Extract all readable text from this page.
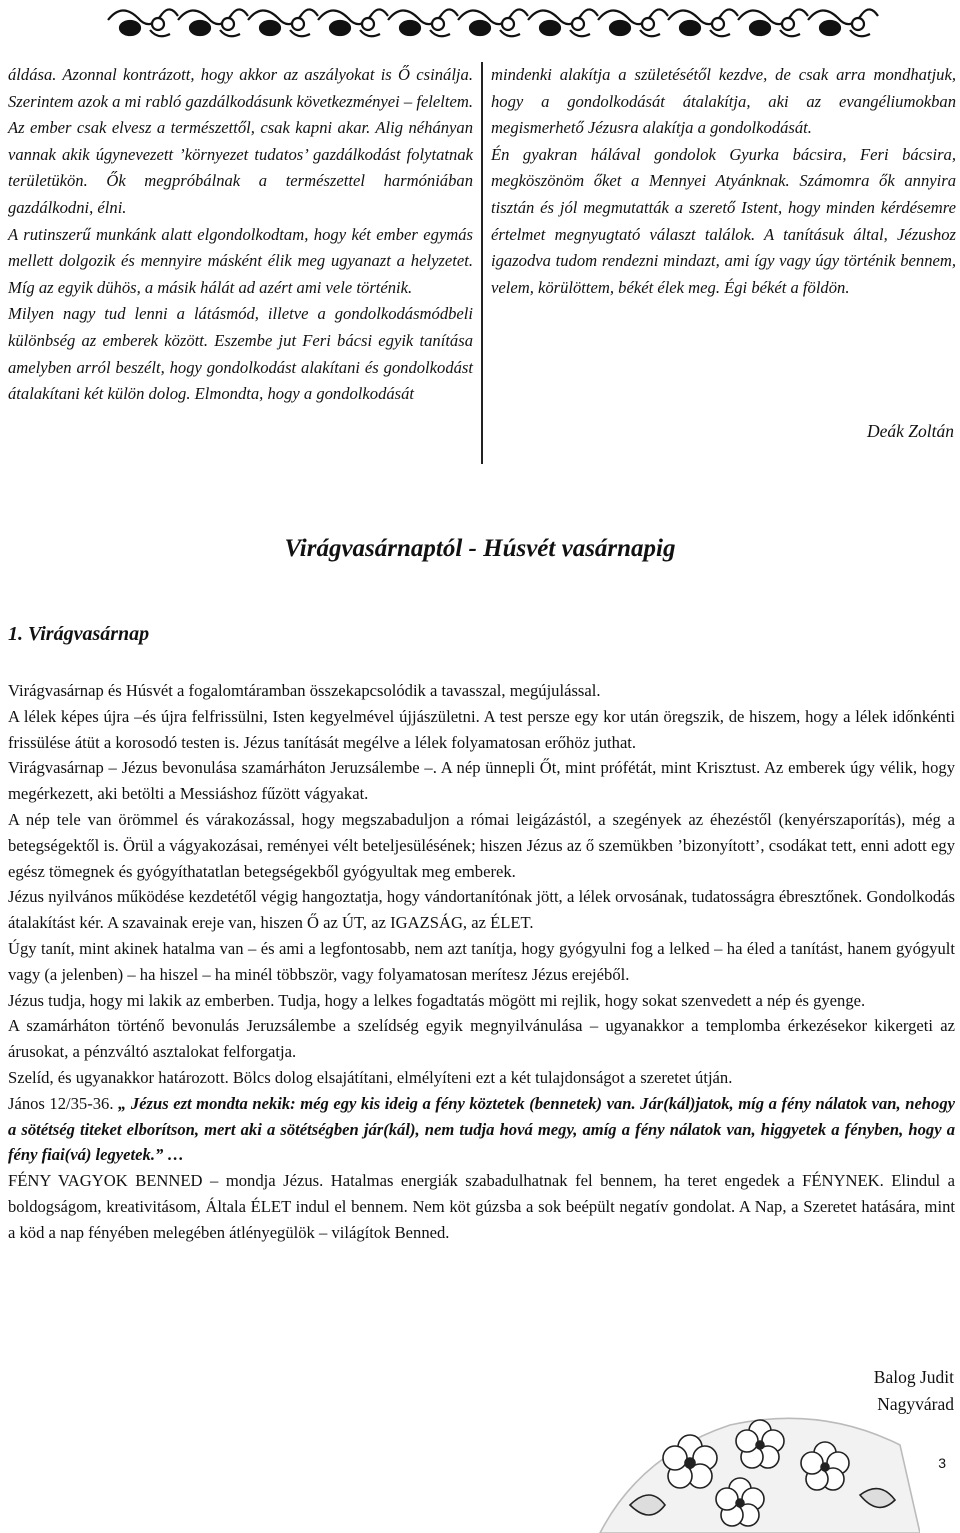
áldása. Azonnal kontrázott, hogy akkor az aszályokat is Ő csinálja. Szerintem azok a mi rabló gazdálkodásunk következményei – feleltem. Az ember csak elvesz a természettől, csak kapni akar. Alig néhányan vannak akik úgynevezett ’környezet tudatos’ gazdálkodást folytatnak területükön. Ők megpróbálnak a természettel harmóniában gazdálkodni, élni.

A rutinszerű munkánk alatt elgondolkodtam, hogy két ember egymás mellett dolgozik és mennyire másként élik meg ugyanazt a helyzetet. Míg az egyik dühös, a másik hálát ad azért ami vele történik.

Milyen nagy tud lenni a látásmód, illetve a gondolkodásmódbeli különbség az emberek között. Eszembe jut Feri bácsi egyik tanítása amelyben arról beszélt, hogy gondolkodást alakítani és gondolkodást átalakítani két külön dolog. Elmondta, hogy a gondolkodását

mindenki alakítja a születésétől kezdve, de csak arra mondhatjuk, hogy a gondolkodását átalakítja, aki az evangéliumokban megismerhető Jézusra alakítja a gondolkodását.

Én gyakran hálával gondolok Gyurka bácsira, Feri bácsira, megköszönöm őket a Mennyei Atyánknak. Számomra ők annyira tisztán és jól megmutatták a szerető Istent, hogy minden kérdésemre értelmet megnyugtató választ találok. A tanításuk által, Jézushoz igazodva tudom rendezni mindazt, ami így vagy úgy történik bennem, velem, körülöttem, békét élek meg. Égi békét a földön.

Deák Zoltán
Virágvasárnaptól - Húsvét vasárnapig
1. Virágvasárnap

Virágvasárnap és Húsvét a fogalomtáramban összekapcsolódik a tavasszal, megújulással.

A lélek képes újra –és újra felfrissülni, Isten kegyelmével újjászületni. A test persze egy kor után öregszik, de hiszem, hogy a lélek időnkénti frissülése átüt a korosodó testen is. Jézus tanítását megélve a lélek folyamatosan erőhöz juthat.

Virágvasárnap – Jézus bevonulása szamárháton Jeruzsálembe –. A nép ünnepli Őt, mint prófétát, mint Krisztust. Az emberek úgy vélik, hogy megérkezett, aki betölti a Messiáshoz fűzött vágyakat.

A nép tele van örömmel és várakozással, hogy megszabaduljon a római leigázástól, a szegények az éhezéstől (kenyérszaporítás), még a betegségektől is. Örül a vágyakozásai, reményei vélt beteljesülésének; hiszen Jézus az ő szemükben ’bizonyított’, csodákat tett, enni adott egy egész tömegnek és gyógyíthatatlan betegségekből gyógyultak meg emberek.

Jézus nyilvános működése kezdetétől végig hangoztatja, hogy vándortanítónak jött, a lélek orvosának, tudatosságra ébresztőnek. Gondolkodás átalakítást kér. A szavainak ereje van, hiszen Ő az ÚT, az IGAZSÁG, az ÉLET.

Úgy tanít, mint akinek hatalma van – és ami a legfontosabb, nem azt tanítja, hogy gyógyulni fog a lelked – ha éled a tanítást, hanem gyógyult vagy (a jelenben) – ha hiszel – ha minél többször, vagy folyamatosan merítesz Jézus erejéből.

Jézus tudja, hogy mi lakik az emberben. Tudja, hogy a lelkes fogadtatás mögött mi rejlik, hogy sokat szenvedett a nép és gyenge.

A szamárháton történő bevonulás Jeruzsálembe a szelídség egyik megnyilvánulása – ugyanakkor a templomba érkezésekor kikergeti az árusokat, a pénzváltó asztalokat felforgatja.

Szelíd, és ugyanakkor határozott. Bölcs dolog elsajátítani, elmélyíteni ezt a két tulajdonságot a szeretet útján.

János 12/35-36. „ Jézus ezt mondta nekik: még egy kis ideig a fény köztetek (bennetek) van. Jár(kál)jatok, míg a fény nálatok van, nehogy a sötétség titeket elborítson, mert aki a sötétségben jár(kál), nem tudja hová megy, amíg a fény nálatok van, higgyetek a fényben, hogy a fény fiai(vá) legyetek.” …

FÉNY VAGYOK BENNED – mondja Jézus. Hatalmas energiák szabadulhatnak fel bennem, ha teret engedek a FÉNYNEK. Elindul a boldogságom, kreativitásom, Általa ÉLET indul el bennem. Nem köt gúzsba a sok beépült negatív gondolat. A Nap, a Szeretet hatására, mint a köd a nap fényében melegében átlényegülök – világítok Benned.

Balog Judit
Nagyvárad
3
